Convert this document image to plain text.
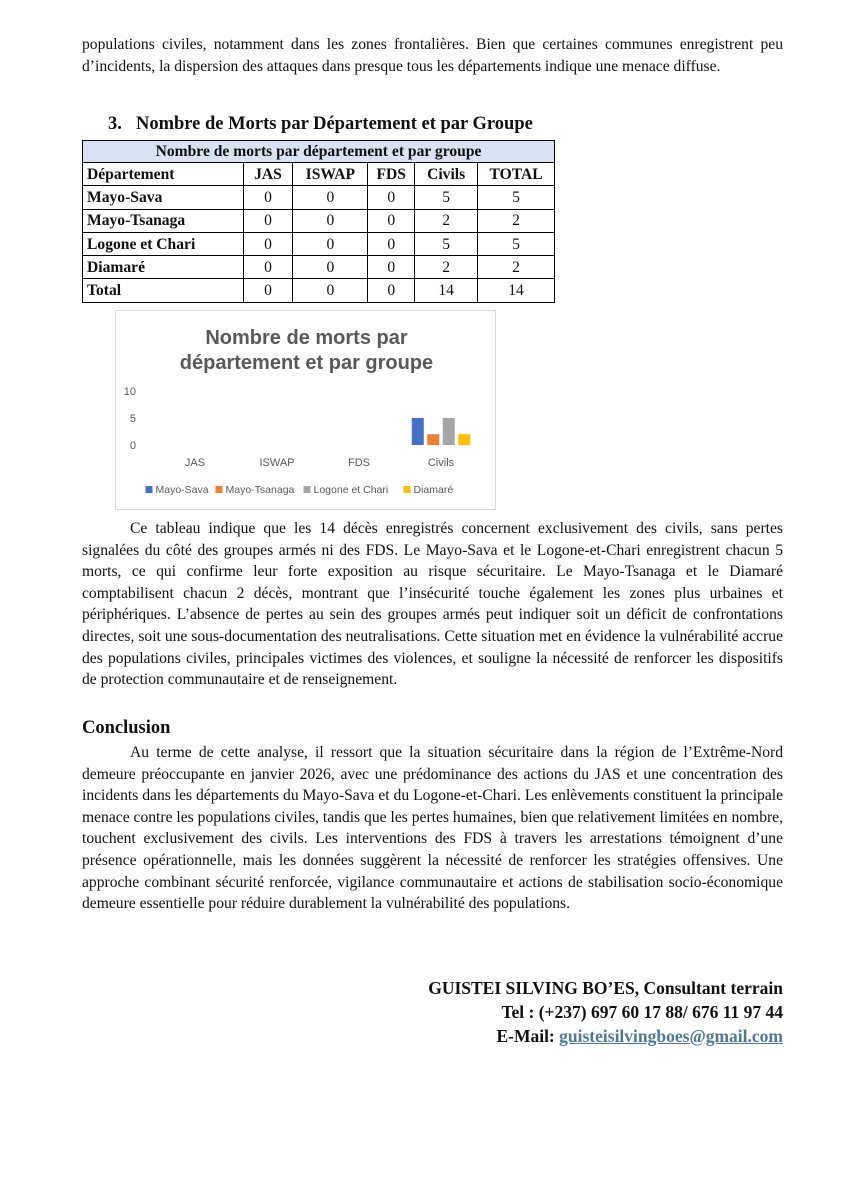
populations civiles, notamment dans les zones frontalières. Bien que certaines communes enregistrent peu d’incidents, la dispersion des attaques dans presque tous les départements indique une menace diffuse.

3. Nombre de Morts par Département et par Groupe
Nombre de morts par département et par groupe					
Département	JAS	ISWAP	FDS	Civils	TOTAL
Mayo-Sava	0	0	0	5	5
Mayo-Tsanaga	0	0	0	2	2
Logone et Chari	0	0	0	5	5
Diamaré	0	0	0	2	2
Total	0	0	0	14	14
Nombre de morts par
département et par groupe
0
5
10
JAS	ISWAP	FDS	Civils
Mayo-Sava Mayo-Tsanaga Logone et Chari Diamaré

Ce tableau indique que les 14 décès enregistrés concernent exclusivement des civils, sans pertes signalées du côté des groupes armés ni des FDS. Le Mayo-Sava et le Logone-et-Chari enregistrent chacun 5 morts, ce qui confirme leur forte exposition au risque sécuritaire. Le Mayo-Tsanaga et le Diamaré comptabilisent chacun 2 décès, montrant que l’insécurité touche également les zones plus urbaines et périphériques. L’absence de pertes au sein des groupes armés peut indiquer soit un déficit de confrontations directes, soit une sous-documentation des neutralisations. Cette situation met en évidence la vulnérabilité accrue des populations civiles, principales victimes des violences, et souligne la nécessité de renforcer les dispositifs de protection communautaire et de renseignement.

Conclusion

Au terme de cette analyse, il ressort que la situation sécuritaire dans la région de l’Extrême-Nord demeure préoccupante en janvier 2026, avec une prédominance des actions du JAS et une concentration des incidents dans les départements du Mayo-Sava et du Logone-et-Chari. Les enlèvements constituent la principale menace contre les populations civiles, tandis que les pertes humaines, bien que relativement limitées en nombre, touchent exclusivement des civils. Les interventions des FDS à travers les arrestations témoignent d’une présence opérationnelle, mais les données suggèrent la nécessité de renforcer les stratégies offensives. Une approche combinant sécurité renforcée, vigilance communautaire et actions de stabilisation socio-économique demeure essentielle pour réduire durablement la vulnérabilité des populations.

GUISTEI SILVING BO’ES, Consultant terrain

Tel : (+237) 697 60 17 88/ 676 11 97 44

E-Mail: guisteisilvingboes@gmail.com
